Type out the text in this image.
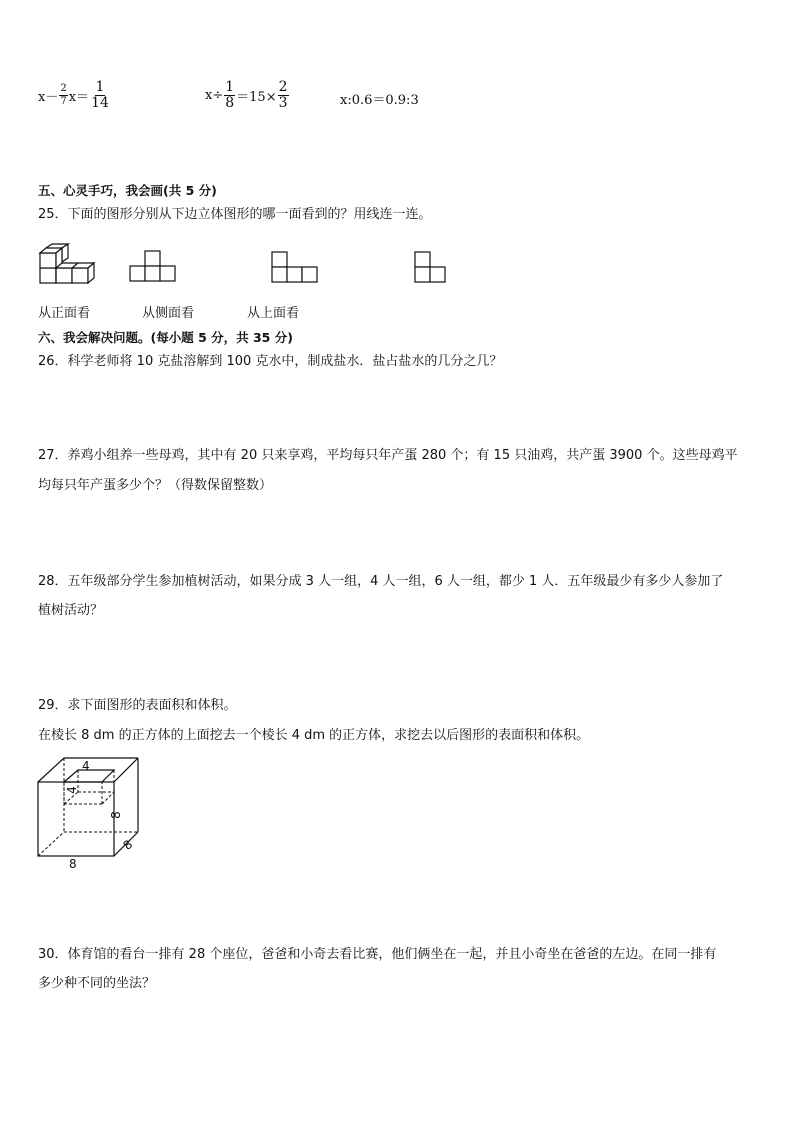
$x- \frac{2}{7} x= \frac{1}{14}$	$x\div \frac{1}{8} =15\times \frac{2}{3}$	x:0.6＝0.9:3
五、心灵手巧，我会画(共 5 分)
25．下面的图形分别从下边立体图形的哪一面看到的？用线连一连。
从正面看	从侧面看	从上面看
六、我会解决问题。(每小题 5 分，共 35 分)
26．科学老师将 10 克盐溶解到 100 克水中，制成盐水．盐占盐水的几分之几？
27．养鸡小组养一些母鸡，其中有 20 只来享鸡，平均每只年产蛋 280 个；有 15 只油鸡，共产蛋 3900 个。这些母鸡平
均每只年产蛋多少个？（得数保留整数）
28．五年级部分学生参加植树活动，如果分成 3 人一组，4 人一组，6 人一组，都少 1 人．五年级最少有多少人参加了
植树活动？
29．求下面图形的表面积和体积。
在棱长 8 dm 的正方体的上面挖去一个棱长 4 dm 的正方体，求挖去以后图形的表面积和体积。
4
4
8
8
8
30．体育馆的看台一排有 28 个座位，爸爸和小奇去看比赛，他们俩坐在一起，并且小奇坐在爸爸的左边。在同一排有
多少种不同的坐法？
